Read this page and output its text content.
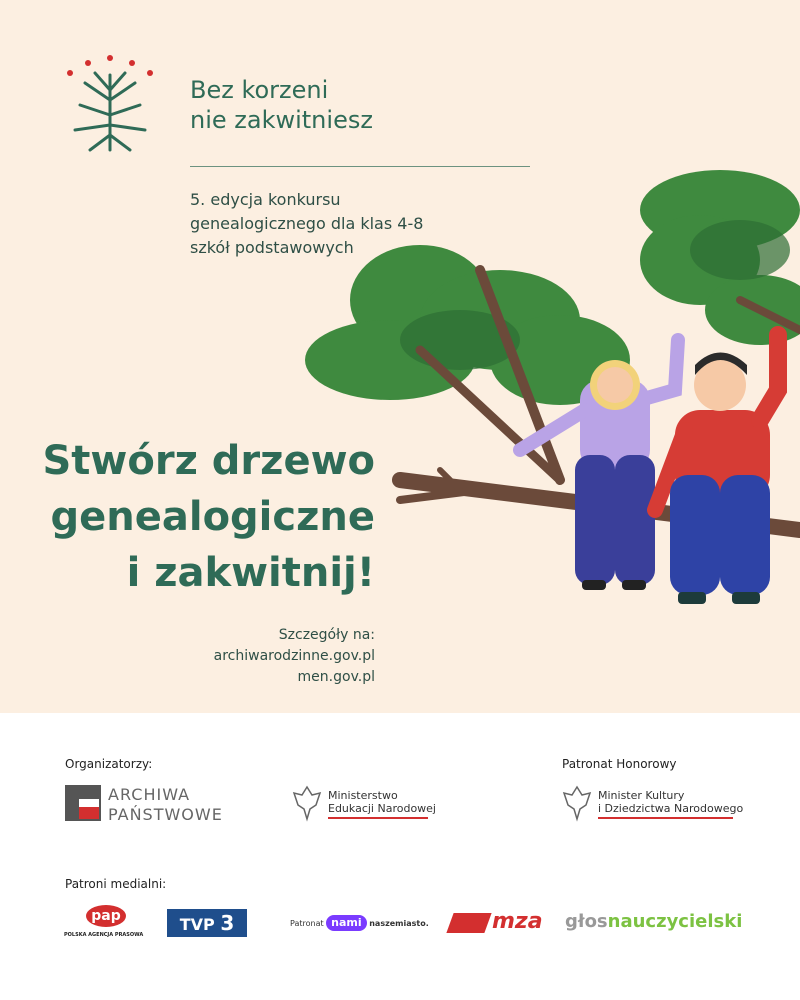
Bez korzeni
nie zakwitniesz
5. edycja konkursu
genealogicznego dla klas 4-8
szkół podstawowych
Stwórz drzewo
genealogiczne
i zakwitnij!
Szczegóły na:
archiwarodzinne.gov.pl
men.gov.pl
Organizatorzy:	Patronat Honorowy
ARCHIWA
PAŃSTWOWE
Ministerstwo
Edukacji Narodowej
Minister Kultury
i Dziedzictwa Narodowego
Patroni medialni:
pap
POLSKA AGENCJA PRASOWA
TVP 3	Patronat nami naszemiasto.	mza głosnauczycielski
